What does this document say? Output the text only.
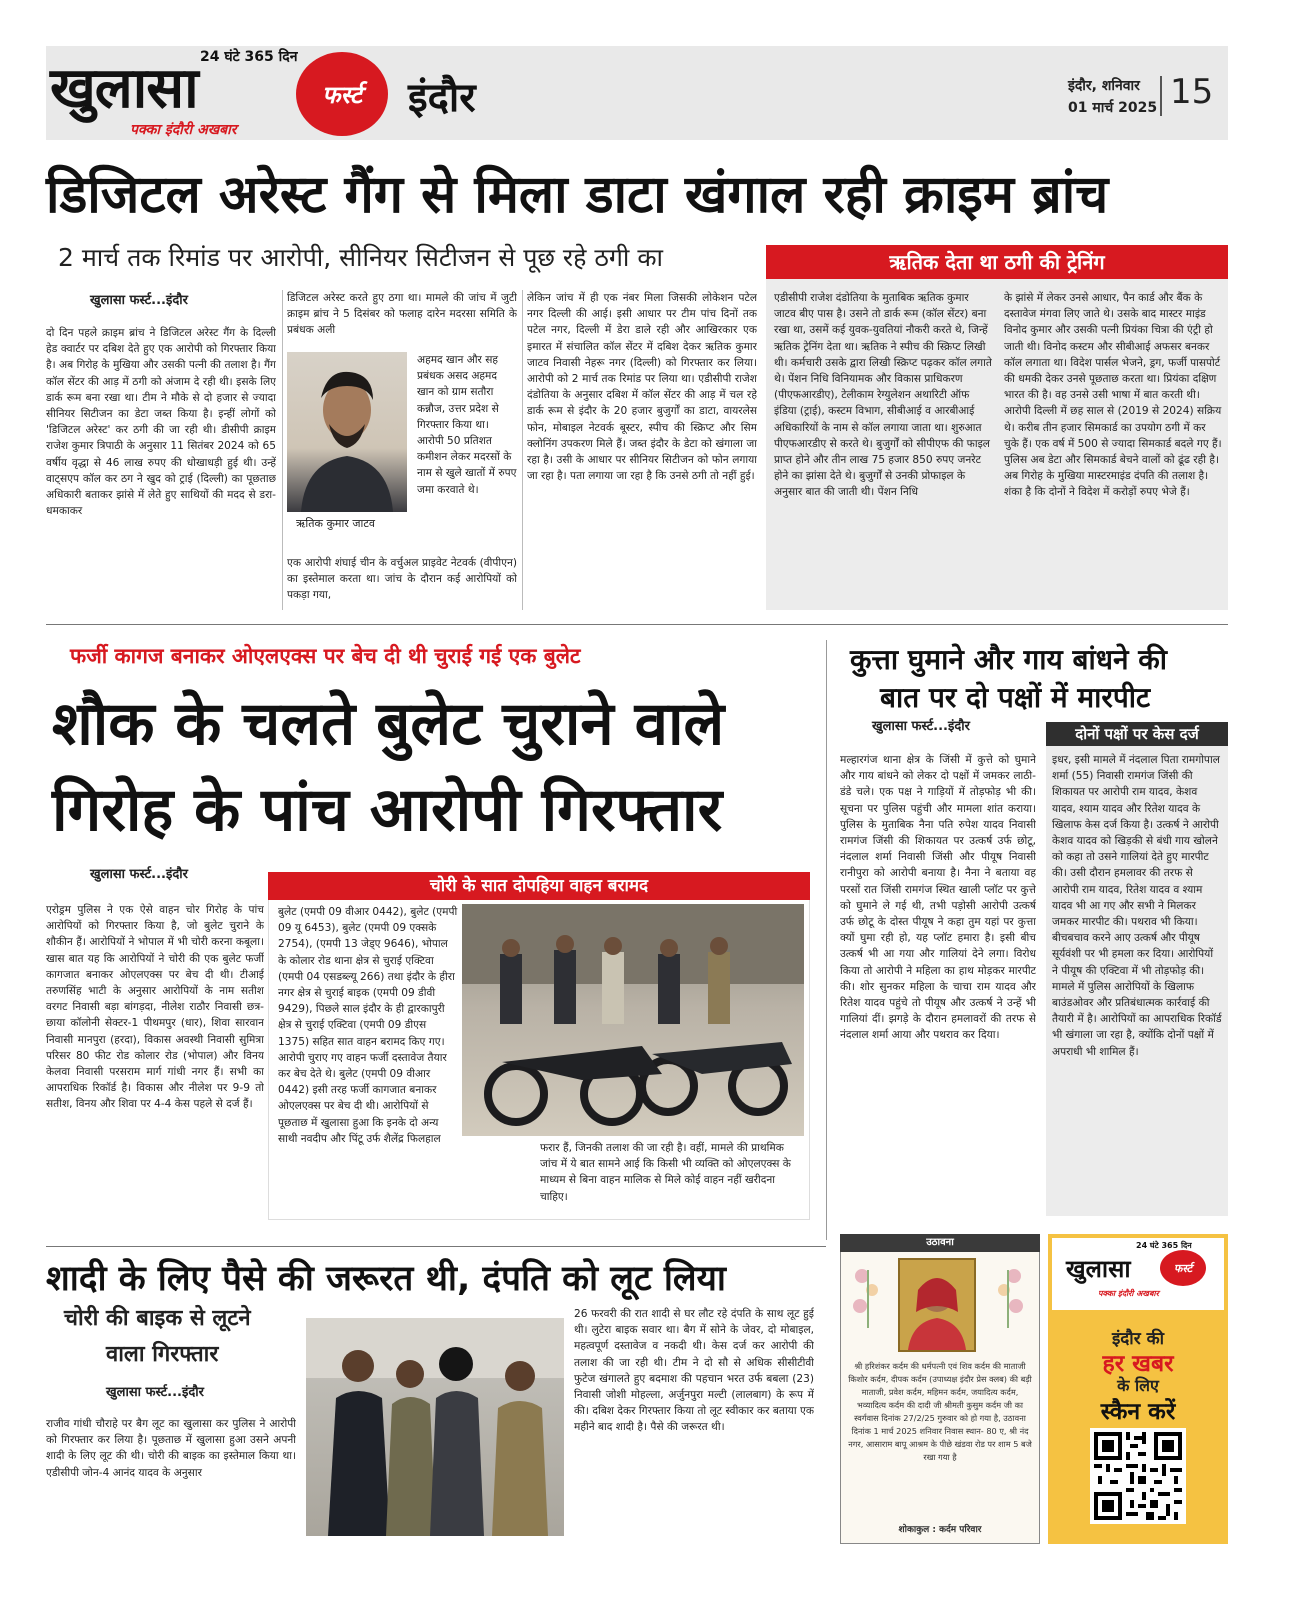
24 घंटे 365 दिन
खुलासा	फर्स्ट
पक्का इंदौरी अखबार
इंदौर	इंदौर, शनिवार
01 मार्च 2025 15
डिजिटल अरेस्ट गैंग से मिला डाटा खंगाल रही क्राइम ब्रांच
2 मार्च तक रिमांड पर आरोपी, सीनियर सिटीजन से पूछ रहे ठगी का
खुलासा फर्स्ट...इंदौर
दो दिन पहले क्राइम ब्रांच ने डिजिटल अरेस्ट गैंग के दिल्ली हेड क्वार्टर पर दबिश देते हुए एक आरोपी को गिरफ्तार किया है। अब गिरोह के मुखिया और उसकी पत्नी की तलाश है। गैंग कॉल सेंटर की आड़ में ठगी को अंजाम दे रही थी। इसके लिए डार्क रूम बना रखा था। टीम ने मौके से दो हजार से ज्यादा सीनियर सिटीजन का डेटा जब्त किया है। इन्हीं लोगों को 'डिजिटल अरेस्ट' कर ठगी की जा रही थी। डीसीपी क्राइम राजेश कुमार त्रिपाठी के अनुसार 11 सितंबर 2024 को 65 वर्षीय वृद्धा से 46 लाख रुपए की धोखाधड़ी हुई थी। उन्हें वाट्सएप कॉल कर ठग ने खुद को ट्राई (दिल्ली) का पूछताछ अधिकारी बताकर झांसे में लेते हुए साथियों की मदद से डरा-धमकाकर
डिजिटल अरेस्ट करते हुए ठगा था। मामले की जांच में जुटी क्राइम ब्रांच ने 5 दिसंबर को फलाह दारेन मदरसा समिति के प्रबंधक अली
ऋतिक कुमार जाटव
अहमद खान और सह प्रबंधक असद अहमद खान को ग्राम सतौरा कन्नौज, उत्तर प्रदेश से गिरफ्तार किया था। आरोपी 50 प्रतिशत कमीशन लेकर मदरसों के नाम से खुले खातों में रुपए जमा करवाते थे।
एक आरोपी शंघाई चीन के वर्चुअल प्राइवेट नेटवर्क (वीपीएन) का इस्तेमाल करता था। जांच के दौरान कई आरोपियों को पकड़ा गया,
लेकिन जांच में ही एक नंबर मिला जिसकी लोकेशन पटेल नगर दिल्ली की आई। इसी आधार पर टीम पांच दिनों तक पटेल नगर, दिल्ली में डेरा डाले रही और आखिरकार एक इमारत में संचालित कॉल सेंटर में दबिश देकर ऋतिक कुमार जाटव निवासी नेहरू नगर (दिल्ली) को गिरफ्तार कर लिया। आरोपी को 2 मार्च तक रिमांड पर लिया था। एडीसीपी राजेश दंडोतिया के अनुसार दबिश में कॉल सेंटर की आड़ में चल रहे डार्क रूम से इंदौर के 20 हजार बुजुर्गों का डाटा, वायरलेस फोन, मोबाइल नेटवर्क बूस्टर, स्पीच की स्क्रिप्ट और सिम क्लोनिंग उपकरण मिले हैं। जब्त इंदौर के डेटा को खंगाला जा रहा है। उसी के आधार पर सीनियर सिटीजन को फोन लगाया जा रहा है। पता लगाया जा रहा है कि उनसे ठगी तो नहीं हुई।
ऋतिक देता था ठगी की ट्रेनिंग
एडीसीपी राजेश दंडोतिया के मुताबिक ऋतिक कुमार जाटव बीए पास है। उसने तो डार्क रूम (कॉल सेंटर) बना रखा था, उसमें कई युवक-युवतियां नौकरी करते थे, जिन्हें ऋतिक ट्रेनिंग देता था। ऋतिक ने स्पीच की स्क्रिप्ट लिखी थी। कर्मचारी उसके द्वारा लिखी स्क्रिप्ट पढ़कर कॉल लगाते थे। पेंशन निधि विनियामक और विकास प्राधिकरण (पीएफआरडीए), टेलीकाम रेग्युलेशन अथारिटी ऑफ इंडिया (ट्राई), कस्टम विभाग, सीबीआई व आरबीआई अधिकारियों के नाम से कॉल लगाया जाता था। शुरुआत पीएफआरडीए से करते थे। बुजुर्गों को सीपीएफ की फाइल प्राप्त होने और तीन लाख 75 हजार 850 रुपए जनरेट होने का झांसा देते थे। बुजुर्गों से उनकी प्रोफाइल के अनुसार बात की जाती थी। पेंशन निधि
के झांसे में लेकर उनसे आधार, पैन कार्ड और बैंक के दस्तावेज मंगवा लिए जाते थे। उसके बाद मास्टर माइंड विनोद कुमार और उसकी पत्नी प्रियंका चित्रा की एंट्री हो जाती थी। विनोद कस्टम और सीबीआई अफसर बनकर कॉल लगाता था। विदेश पार्सल भेजने, ड्रग, फर्जी पासपोर्ट की धमकी देकर उनसे पूछताछ करता था। प्रियंका दक्षिण भारत की है। वह उनसे उसी भाषा में बात करती थी। आरोपी दिल्ली में छह साल से (2019 से 2024) सक्रिय थे। करीब तीन हजार सिमकार्ड का उपयोग ठगी में कर चुके हैं। एक वर्ष में 500 से ज्यादा सिमकार्ड बदले गए हैं। पुलिस अब डेटा और सिमकार्ड बेचने वालों को ढूंढ रही है। अब गिरोह के मुखिया मास्टरमाइंड दंपति की तलाश है। शंका है कि दोनों ने विदेश में करोड़ों रुपए भेजे हैं।
फर्जी कागज बनाकर ओएलएक्स पर बेच दी थी चुराई गई एक बुलेट
शौक के चलते बुलेट चुराने वाले
गिरोह के पांच आरोपी गिरफ्तार
खुलासा फर्स्ट...इंदौर
एरोड्रम पुलिस ने एक ऐसे वाहन चोर गिरोह के पांच आरोपियों को गिरफ्तार किया है, जो बुलेट चुराने के शौकीन हैं। आरोपियों ने भोपाल में भी चोरी करना कबूला। खास बात यह कि आरोपियों ने चोरी की एक बुलेट फर्जी कागजात बनाकर ओएलएक्स पर बेच दी थी। टीआई तरुणसिंह भाटी के अनुसार आरोपियों के नाम सतीश वरगट निवासी बड़ा बांगड़दा, नीलेश राठौर निवासी छत्र-छाया कॉलोनी सेक्टर-1 पीथमपुर (धार), शिवा सारवान निवासी मानपुरा (हरदा), विकास अवस्थी निवासी सुमित्रा परिसर 80 फीट रोड कोलार रोड (भोपाल) और विनय केलवा निवासी परसराम मार्ग गांधी नगर हैं। सभी का आपराधिक रिकॉर्ड है। विकास और नीलेश पर 9-9 तो सतीश, विनय और शिवा पर 4-4 केस पहले से दर्ज हैं।
चोरी के सात दोपहिया वाहन बरामद
बुलेट (एमपी 09 वीआर 0442), बुलेट (एमपी 09 यू 6453), बुलेट (एमपी 09 एक्सके 2754), (एमपी 13 जेड्ए 9646), भोपाल के कोलार रोड थाना क्षेत्र से चुराई एक्टिवा (एमपी 04 एसडब्ल्यू 266) तथा इंदौर के हीरा नगर क्षेत्र से चुराई बाइक (एमपी 09 डीवी 9429), पिछले साल इंदौर के ही द्वारकापुरी क्षेत्र से चुराई एक्टिवा (एमपी 09 डीएस 1375) सहित सात वाहन बरामद किए गए। आरोपी चुराए गए वाहन फर्जी दस्तावेज तैयार कर बेच देते थे। बुलेट (एमपी 09 वीआर 0442) इसी तरह फर्जी कागजात बनाकर ओएलएक्स पर बेच दी थी। आरोपियों से पूछताछ में खुलासा हुआ कि इनके दो अन्य साथी नवदीप और पिंटू उर्फ शैलेंद्र फिलहाल
फरार हैं, जिनकी तलाश की जा रही है। वहीं, मामले की प्राथमिक जांच में ये बात सामने आई कि किसी भी व्यक्ति को ओएलएक्स के माध्यम से बिना वाहन मालिक से मिले कोई वाहन नहीं खरीदना चाहिए।
कुत्ता घुमाने और गाय बांधने की
बात पर दो पक्षों में मारपीट
खुलासा फर्स्ट...इंदौर	दोनों पक्षों पर केस दर्ज
मल्हारगंज थाना क्षेत्र के जिंसी में कुत्ते को घुमाने और गाय बांधने को लेकर दो पक्षों में जमकर लाठी-डंडे चले। एक पक्ष ने गाड़ियों में तोड़फोड़ भी की। सूचना पर पुलिस पहुंची और मामला शांत कराया। पुलिस के मुताबिक नैना पति रुपेश यादव निवासी रामगंज जिंसी की शिकायत पर उत्कर्ष उर्फ छोटू, नंदलाल शर्मा निवासी जिंसी और पीयूष निवासी रानीपुरा को आरोपी बनाया है। नैना ने बताया वह परसों रात जिंसी रामगंज स्थित खाली प्लॉट पर कुत्ते को घुमाने ले गई थी, तभी पड़ोसी आरोपी उत्कर्ष उर्फ छोटू के दोस्त पीयूष ने कहा तुम यहां पर कुत्ता क्यों घुमा रही हो, यह प्लॉट हमारा है। इसी बीच उत्कर्ष भी आ गया और गालियां देने लगा। विरोध किया तो आरोपी ने महिला का हाथ मोड़कर मारपीट की। शोर सुनकर महिला के चाचा राम यादव और रितेश यादव पहुंचे तो पीयूष और उत्कर्ष ने उन्हें भी गालियां दीं। झगड़े के दौरान हमलावरों की तरफ से नंदलाल शर्मा आया और पथराव कर दिया।
इधर, इसी मामले में नंदलाल पिता रामगोपाल शर्मा (55) निवासी रामगंज जिंसी की शिकायत पर आरोपी राम यादव, केशव यादव, श्याम यादव और रितेश यादव के खिलाफ केस दर्ज किया है। उत्कर्ष ने आरोपी केशव यादव को खिड़की से बंधी गाय खोलने को कहा तो उसने गालियां देते हुए मारपीट की। उसी दौरान हमलावर की तरफ से आरोपी राम यादव, रितेश यादव व श्याम यादव भी आ गए और सभी ने मिलकर जमकर मारपीट की। पथराव भी किया। बीचबचाव करने आए उत्कर्ष और पीयूष सूर्यवंशी पर भी हमला कर दिया। आरोपियों ने पीयूष की एक्टिवा में भी तोड़फोड़ की। मामले में पुलिस आरोपियों के खिलाफ बाउंडओवर और प्रतिबंधात्मक कार्रवाई की तैयारी में है। आरोपियों का आपराधिक रिकॉर्ड भी खंगाला जा रहा है, क्योंकि दोनों पक्षों में अपराधी भी शामिल हैं।
शादी के लिए पैसे की जरूरत थी, दंपति को लूट लिया
चोरी की बाइक से लूटने
वाला गिरफ्तार
खुलासा फर्स्ट...इंदौर
राजीव गांधी चौराहे पर बैग लूट का खुलासा कर पुलिस ने आरोपी को गिरफ्तार कर लिया है। पूछताछ में खुलासा हुआ उसने अपनी शादी के लिए लूट की थी। चोरी की बाइक का इस्तेमाल किया था। एडीसीपी जोन-4 आनंद यादव के अनुसार
26 फरवरी की रात शादी से घर लौट रहे दंपति के साथ लूट हुई थी। लुटेरा बाइक सवार था। बैग में सोने के जेवर, दो मोबाइल, महत्वपूर्ण दस्तावेज व नकदी थी। केस दर्ज कर आरोपी की तलाश की जा रही थी। टीम ने दो सौ से अधिक सीसीटीवी फुटेज खंगालते हुए बदमाश की पहचान भरत उर्फ बबला (23) निवासी जोशी मोहल्ला, अर्जुनपुरा मल्टी (लालबाग) के रूप में की। दबिश देकर गिरफ्तार किया तो लूट स्वीकार कर बताया एक महीने बाद शादी है। पैसे की जरूरत थी।
उठावना
श्री हरिशंकर कर्दम की धर्मपत्नी एवं शिव कर्दम की माताजी किशोर कर्दम, दीपक कर्दम (उपाध्यक्ष इंदौर प्रेस क्लब) की बड़ी माताजी, प्रवेश कर्दम, महिमन कर्दम, जयादित्य कर्दम, भव्यादित्य कर्दम की दादी जी श्रीमती कुसुम कर्दम जी का स्वर्गवास दिनांक 27/2/25 गुरुवार को हो गया है, उठावना दिनांक 1 मार्च 2025 शनिवार निवास स्थान- 80 ए, श्री नंद नगर, आसाराम बापू आश्रम के पीछे खंडवा रोड पर शाम 5 बजे रखा गया है
शोकाकुल : कर्दम परिवार
24 घंटे 365 दिन
खुलासा	फर्स्ट
पक्का इंदौरी अखबार
इंदौर की
हर खबर
के लिए
स्कैन करें
